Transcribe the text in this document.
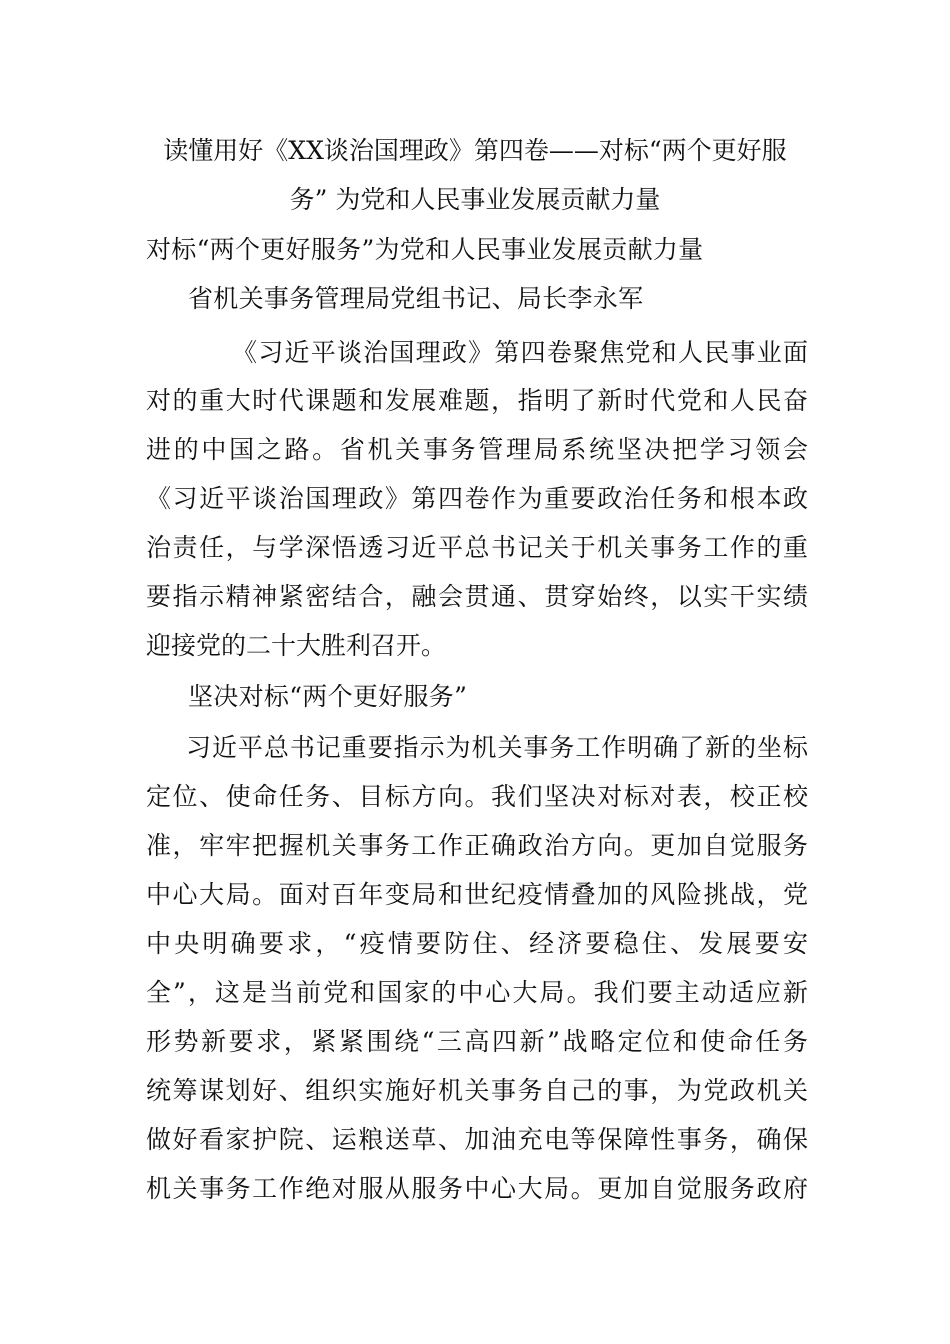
读懂用好《XX谈治国理政》第四卷——对标“两个更好服
务” 为党和人民事业发展贡献力量
对标“两个更好服务”为党和人民事业发展贡献力量
省机关事务管理局党组书记、局长李永军
《习近平谈治国理政》第四卷聚焦党和人民事业面
对的重大时代课题和发展难题，指明了新时代党和人民奋
进的中国之路。省机关事务管理局系统坚决把学习领会
《习近平谈治国理政》第四卷作为重要政治任务和根本政
治责任，与学深悟透习近平总书记关于机关事务工作的重
要指示精神紧密结合，融会贯通、贯穿始终，以实干实绩
迎接党的二十大胜利召开。
坚决对标“两个更好服务”
习近平总书记重要指示为机关事务工作明确了新的坐标
定位、使命任务、目标方向。我们坚决对标对表，校正校
准，牢牢把握机关事务工作正确政治方向。更加自觉服务
中心大局。面对百年变局和世纪疫情叠加的风险挑战，党
中央明确要求，“疫情要防住、经济要稳住、发展要安
全”，这是当前党和国家的中心大局。我们要主动适应新
形势新要求，紧紧围绕“三高四新”战略定位和使命任务
统筹谋划好、组织实施好机关事务自己的事，为党政机关
做好看家护院、运粮送草、加油充电等保障性事务，确保
机关事务工作绝对服从服务中心大局。更加自觉服务政府
